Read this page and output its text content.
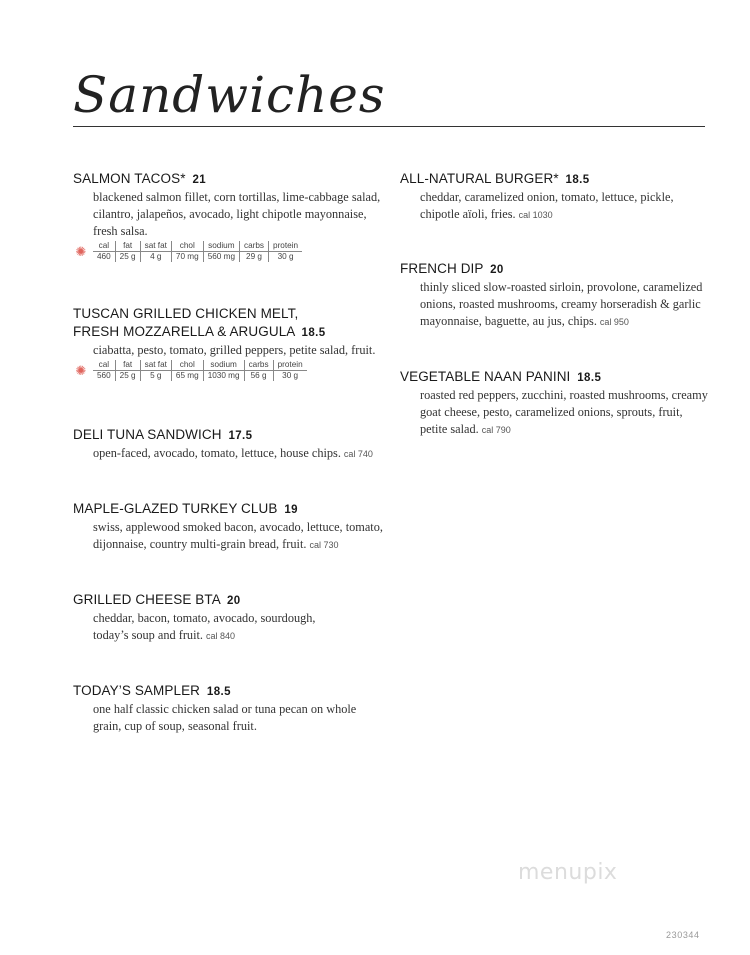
Sandwiches
SALMON TACOS* 21
blackened salmon fillet, corn tortillas, lime-cabbage salad, cilantro, jalapeños, avocado, light chipotle mayonnaise, fresh salsa.
✺ cal	fat	sat fat	chol	sodium	carbs	protein
460	25 g	4 g	70 mg	560 mg	29 g	30 g
TUSCAN GRILLED CHICKEN MELT,
FRESH MOZZARELLA & ARUGULA 18.5
ciabatta, pesto, tomato, grilled peppers, petite salad, fruit.
✺ cal	fat	sat fat	chol	sodium	carbs	protein
560	25 g	5 g	65 mg	1030 mg	56 g	30 g
DELI TUNA SANDWICH 17.5
open-faced, avocado, tomato, lettuce, house chips. cal 740
MAPLE-GLAZED TURKEY CLUB 19
swiss, applewood smoked bacon, avocado, lettuce, tomato, dijonnaise, country multi-grain bread, fruit. cal 730
GRILLED CHEESE BTA 20
cheddar, bacon, tomato, avocado, sourdough, today’s soup and fruit. cal 840
TODAY’S SAMPLER 18.5
one half classic chicken salad or tuna pecan on whole grain, cup of soup, seasonal fruit.
ALL-NATURAL BURGER* 18.5
cheddar, caramelized onion, tomato, lettuce, pickle, chipotle aïoli, fries. cal 1030
FRENCH DIP 20
thinly sliced slow-roasted sirloin, provolone, caramelized onions, roasted mushrooms, creamy horseradish & garlic mayonnaise, baguette, au jus, chips. cal 950
VEGETABLE NAAN PANINI 18.5
roasted red peppers, zucchini, roasted mushrooms, creamy goat cheese, pesto, caramelized onions, sprouts, fruit, petite salad. cal 790
menupix
230344
